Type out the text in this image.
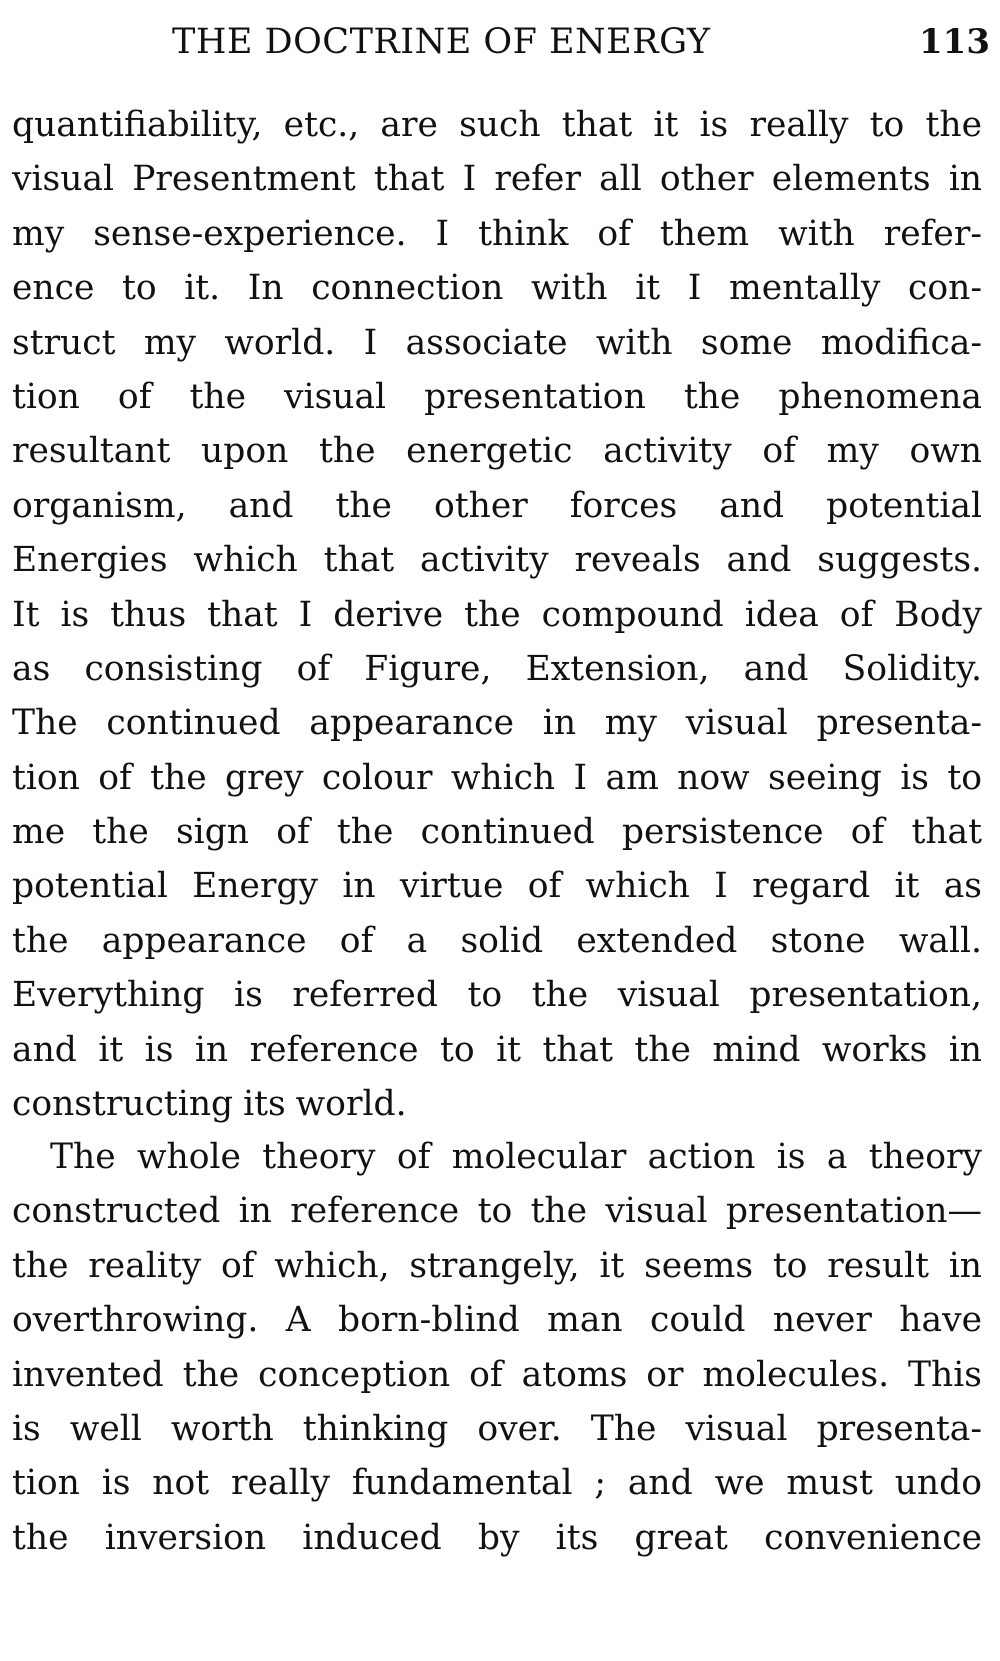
THE DOCTRINE OF ENERGY	113
quantifiability, etc., are such that it is really to the
visual Presentment that I refer all other elements in
my sense-experience. I think of them with refer-
ence to it. In connection with it I mentally con-
struct my world. I associate with some modifica-
tion of the visual presentation the phenomena
resultant upon the energetic activity of my own
organism, and the other forces and potential
Energies which that activity reveals and suggests.
It is thus that I derive the compound idea of Body
as consisting of Figure, Extension, and Solidity.
The continued appearance in my visual presenta-
tion of the grey colour which I am now seeing is to
me the sign of the continued persistence of that
potential Energy in virtue of which I regard it as
the appearance of a solid extended stone wall.
Everything is referred to the visual presentation,
and it is in reference to it that the mind works in
constructing its world.
The whole theory of molecular action is a theory
constructed in reference to the visual presentation—
the reality of which, strangely, it seems to result in
overthrowing. A born-blind man could never have
invented the conception of atoms or molecules. This
is well worth thinking over. The visual presenta-
tion is not really fundamental ; and we must undo
the inversion induced by its great convenience
